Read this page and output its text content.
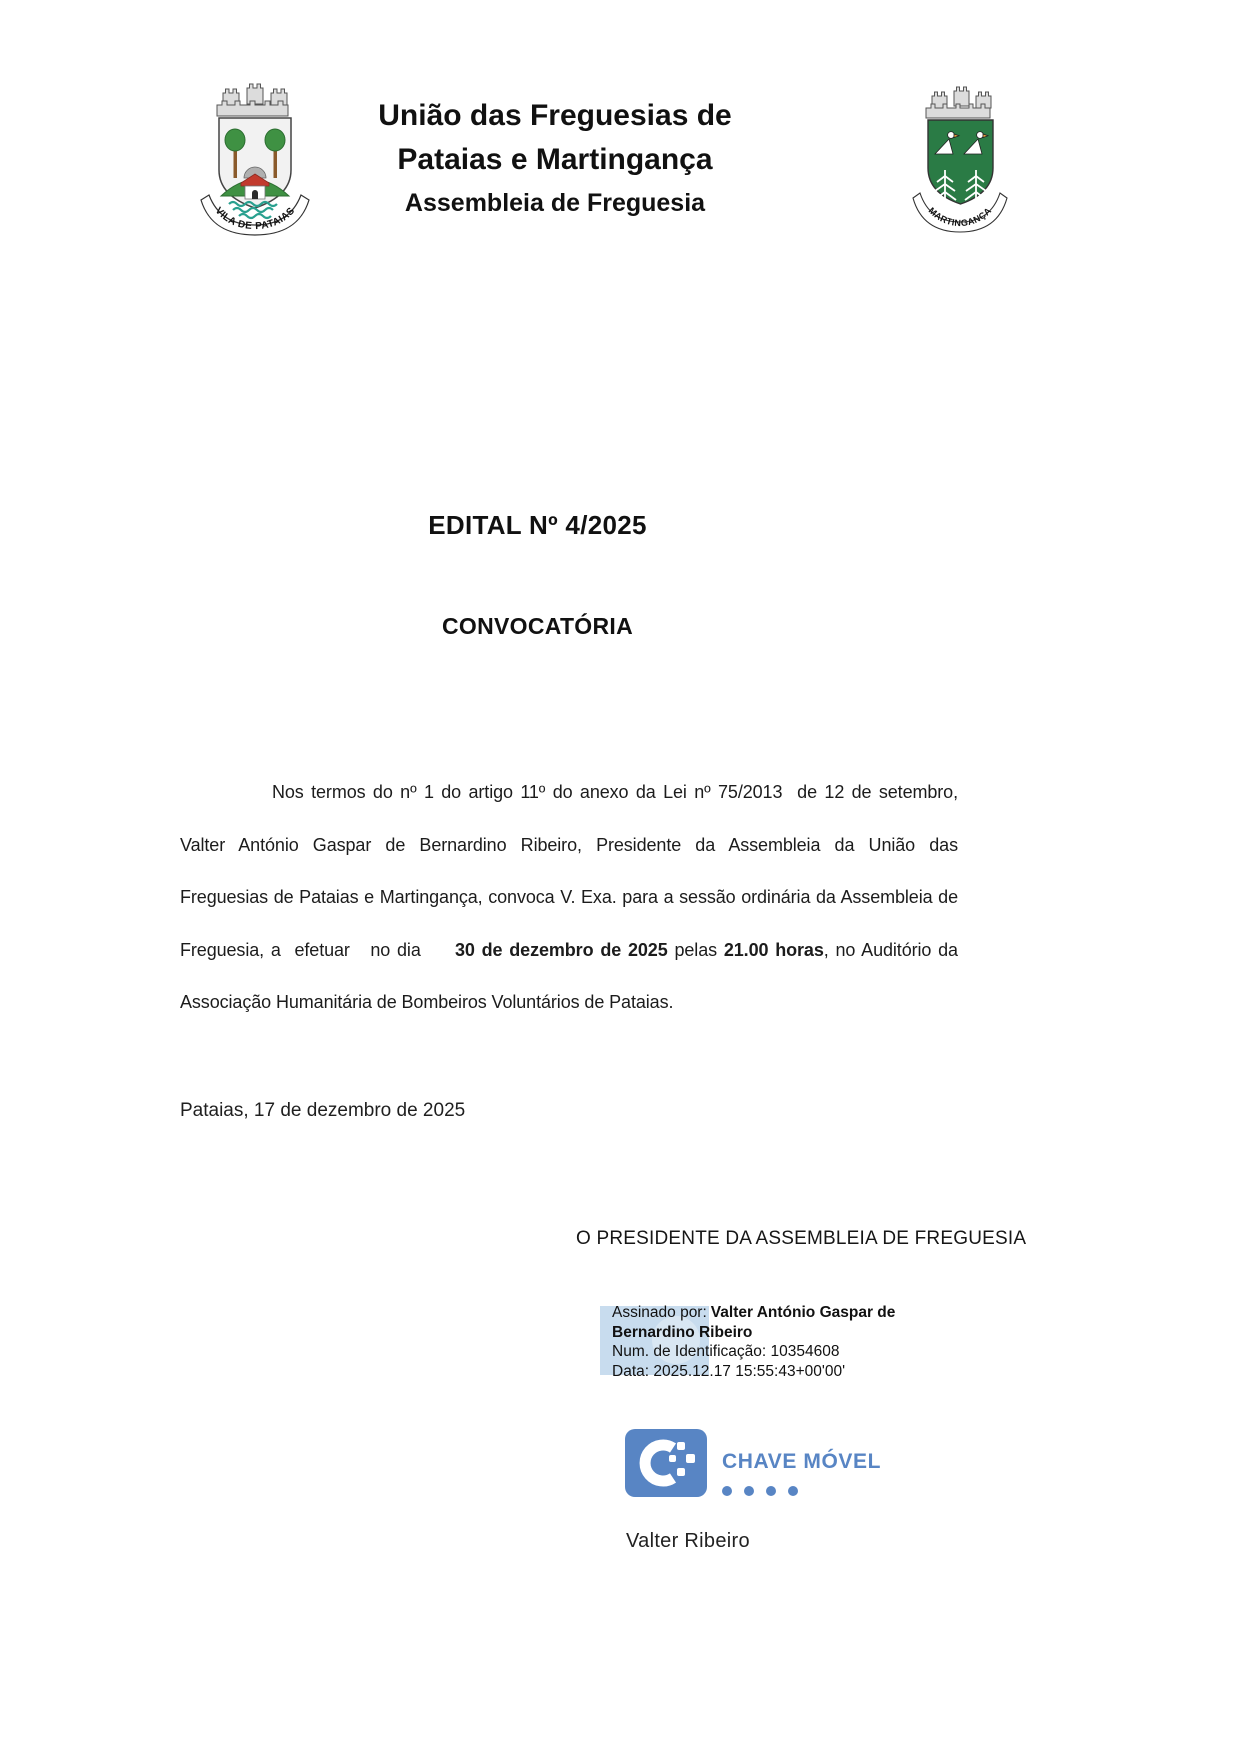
VILA DE PATAIAS	MARTINGANÇA
União das Freguesias de
Pataias e Martingança
Assembleia de Freguesia
EDITAL Nº 4/2025
CONVOCATÓRIA
Nos termos do nº 1 do artigo 11º do anexo da Lei nº 75/2013  de 12 de setembro,
Valter António Gaspar de Bernardino Ribeiro, Presidente da Assembleia da União das
Freguesias de Pataias e Martingança, convoca V. Exa. para a sessão ordinária da Assembleia de
Freguesia, a  efetuar   no dia     30 de dezembro de 2025 pelas 21.00 horas, no Auditório da
Associação Humanitária de Bombeiros Voluntários de Pataias.
Pataias, 17 de dezembro de 2025
O PRESIDENTE DA ASSEMBLEIA DE FREGUESIA
Assinado por: Valter António Gaspar de
Bernardino Ribeiro
Num. de Identificação: 10354608
Data: 2025.12.17 15:55:43+00'00'
CHAVE MÓVEL
Valter Ribeiro
